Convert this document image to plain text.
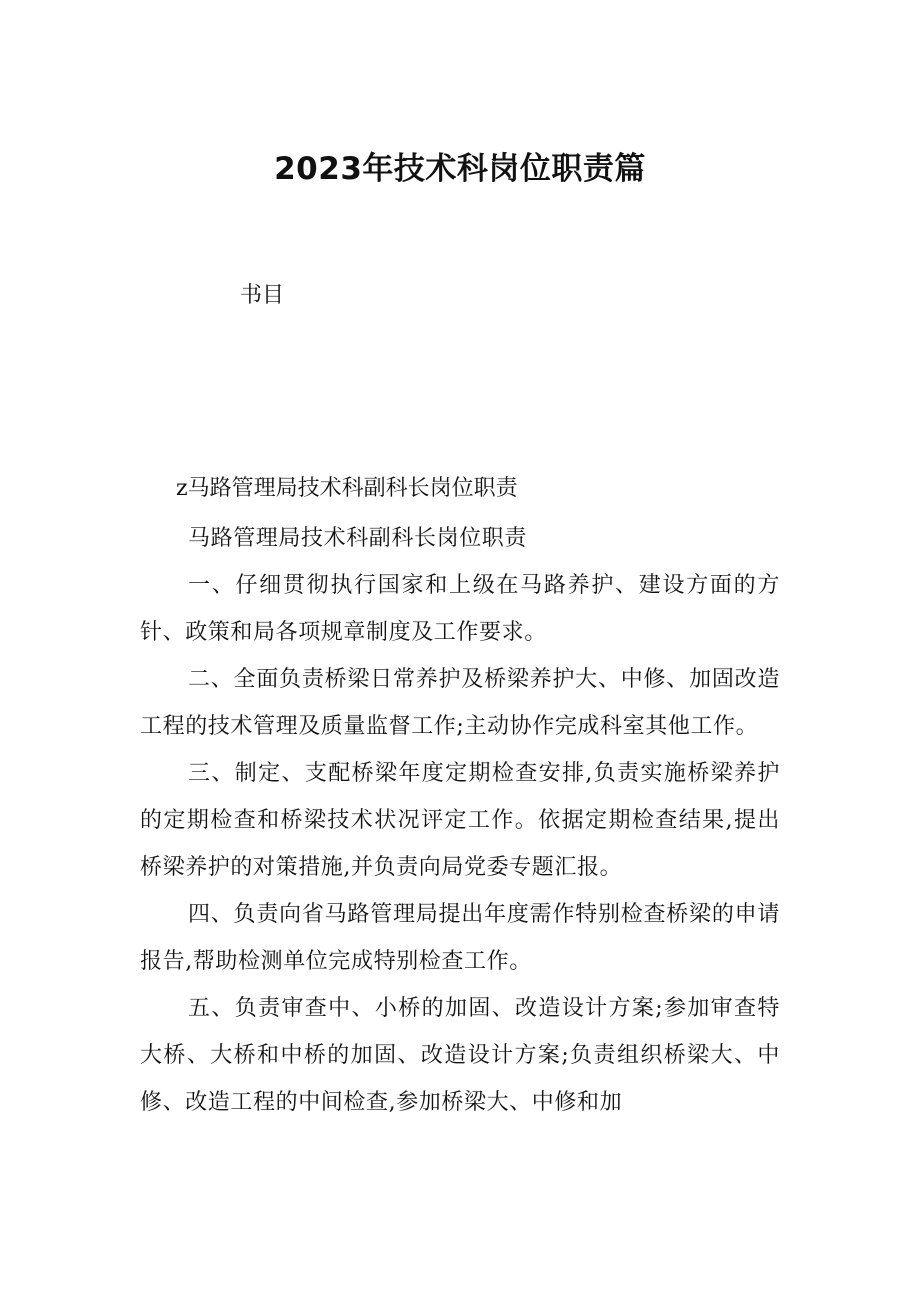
2023年技术科岗位职责篇

书目

z马路管理局技术科副科长岗位职责

马路管理局技术科副科长岗位职责

一、仔细贯彻执行国家和上级在马路养护、建设方面的方针、政策和局各项规章制度及工作要求。

二、全面负责桥梁日常养护及桥梁养护大、中修、加固改造工程的技术管理及质量监督工作;主动协作完成科室其他工作。

三、制定、支配桥梁年度定期检查安排,负责实施桥梁养护的定期检查和桥梁技术状况评定工作。依据定期检查结果,提出桥梁养护的对策措施,并负责向局党委专题汇报。

四、负责向省马路管理局提出年度需作特别检查桥梁的申请报告,帮助检测单位完成特别检查工作。

五、负责审查中、小桥的加固、改造设计方案;参加审查特大桥、大桥和中桥的加固、改造设计方案;负责组织桥梁大、中修、改造工程的中间检查,参加桥梁大、中修和加
